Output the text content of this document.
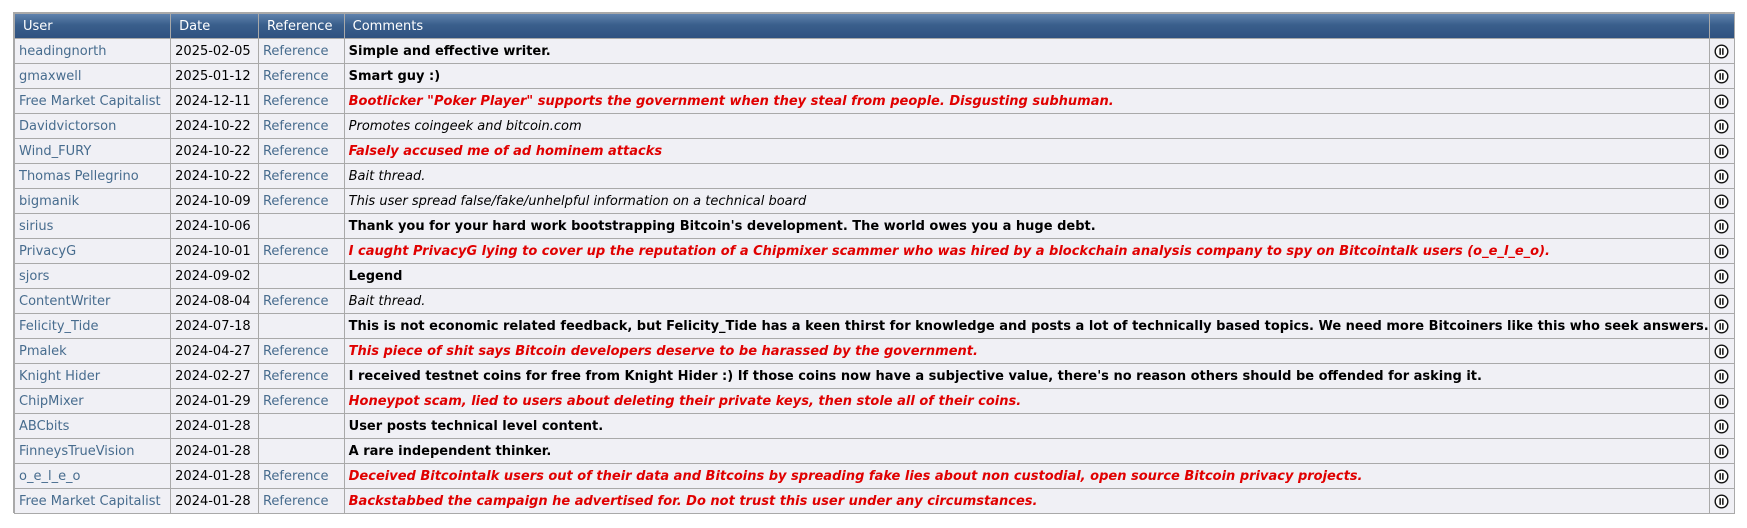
User	Date	Reference	Comments	
headingnorth	2025-02-05	Reference	Simple and effective writer.	
gmaxwell	2025-01-12	Reference	Smart guy :)	
Free Market Capitalist	2024-12-11	Reference	Bootlicker "Poker Player" supports the government when they steal from people. Disgusting subhuman.	
Davidvictorson	2024-10-22	Reference	Promotes coingeek and bitcoin.com	
Wind_FURY	2024-10-22	Reference	Falsely accused me of ad hominem attacks	
Thomas Pellegrino	2024-10-22	Reference	Bait thread.	
bigmanik	2024-10-09	Reference	This user spread false/fake/unhelpful information on a technical board	
sirius	2024-10-06		Thank you for your hard work bootstrapping Bitcoin's development. The world owes you a huge debt.	
PrivacyG	2024-10-01	Reference	I caught PrivacyG lying to cover up the reputation of a Chipmixer scammer who was hired by a blockchain analysis company to spy on Bitcointalk users (o_e_l_e_o).	
sjors	2024-09-02		Legend	
ContentWriter	2024-08-04	Reference	Bait thread.	
Felicity_Tide	2024-07-18		This is not economic related feedback, but Felicity_Tide has a keen thirst for knowledge and posts a lot of technically based topics. We need more Bitcoiners like this who seek answers.	
Pmalek	2024-04-27	Reference	This piece of shit says Bitcoin developers deserve to be harassed by the government.	
Knight Hider	2024-02-27	Reference	I received testnet coins for free from Knight Hider :) If those coins now have a subjective value, there's no reason others should be offended for asking it.	
ChipMixer	2024-01-29	Reference	Honeypot scam, lied to users about deleting their private keys, then stole all of their coins.	
ABCbits	2024-01-28		User posts technical level content.	
FinneysTrueVision	2024-01-28		A rare independent thinker.	
o_e_l_e_o	2024-01-28	Reference	Deceived Bitcointalk users out of their data and Bitcoins by spreading fake lies about non custodial, open source Bitcoin privacy projects.	
Free Market Capitalist	2024-01-28	Reference	Backstabbed the campaign he advertised for. Do not trust this user under any circumstances.	
